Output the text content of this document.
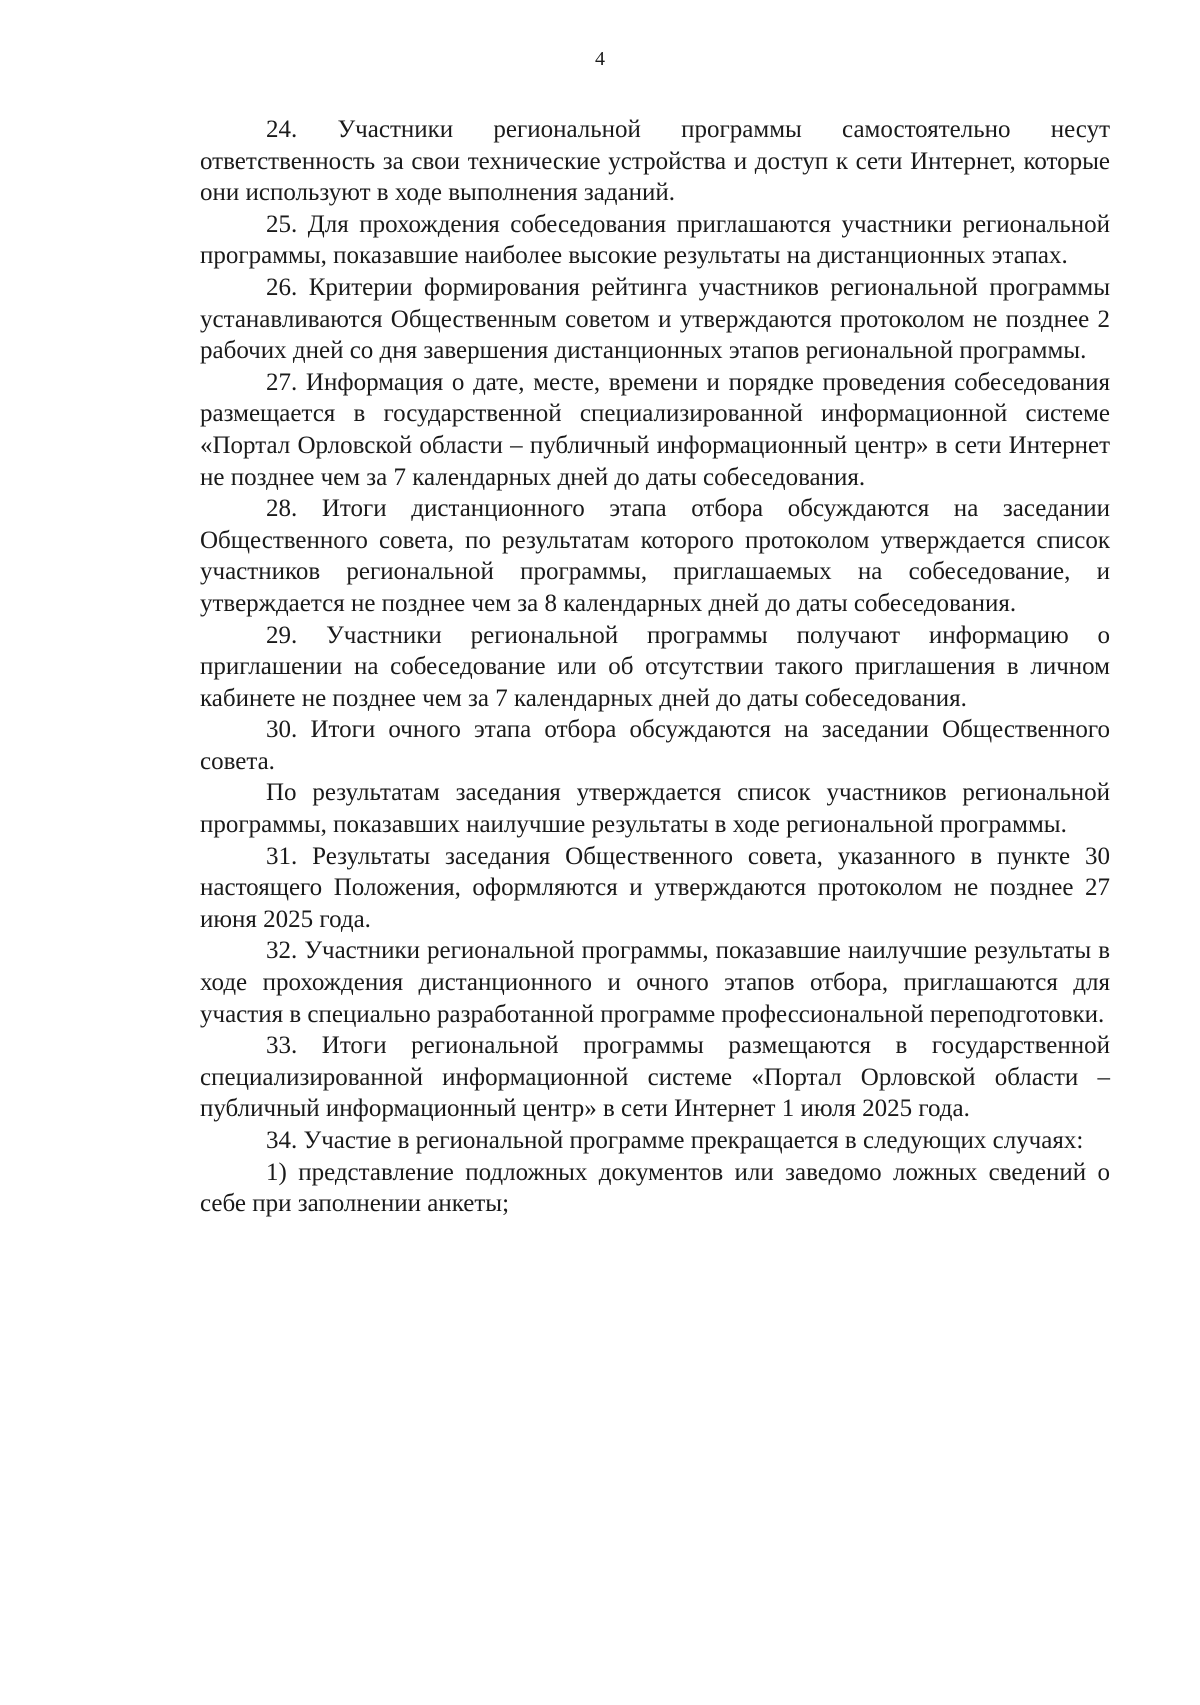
4

24. Участники региональной программы самостоятельно несут ответственность за свои технические устройства и доступ к сети Интернет, которые они используют в ходе выполнения заданий.

25. Для прохождения собеседования приглашаются участники региональной программы, показавшие наиболее высокие результаты на дистанционных этапах.

26. Критерии формирования рейтинга участников региональной программы устанавливаются Общественным советом и утверждаются протоколом не позднее 2 рабочих дней со дня завершения дистанционных этапов региональной программы.

27. Информация о дате, месте, времени и порядке проведения собеседования размещается в государственной специализированной информационной системе «Портал Орловской области – публичный информационный центр» в сети Интернет не позднее чем за 7 календарных дней до даты собеседования.

28. Итоги дистанционного этапа отбора обсуждаются на заседании Общественного совета, по результатам которого протоколом утверждается список участников региональной программы, приглашаемых на собеседование, и утверждается не позднее чем за 8 календарных дней до даты собеседования.

29. Участники региональной программы получают информацию о приглашении на собеседование или об отсутствии такого приглашения в личном кабинете не позднее чем за 7 календарных дней до даты собеседования.

30. Итоги очного этапа отбора обсуждаются на заседании Общественного совета.

По результатам заседания утверждается список участников региональной программы, показавших наилучшие результаты в ходе региональной программы.

31. Результаты заседания Общественного совета, указанного в пункте 30 настоящего Положения, оформляются и утверждаются протоколом не позднее 27 июня 2025 года.

32. Участники региональной программы, показавшие наилучшие результаты в ходе прохождения дистанционного и очного этапов отбора, приглашаются для участия в специально разработанной программе профессиональной переподготовки.

33. Итоги региональной программы размещаются в государственной специализированной информационной системе «Портал Орловской области – публичный информационный центр» в сети Интернет 1 июля 2025 года.

34. Участие в региональной программе прекращается в следующих случаях:

1) представление подложных документов или заведомо ложных сведений о себе при заполнении анкеты;
